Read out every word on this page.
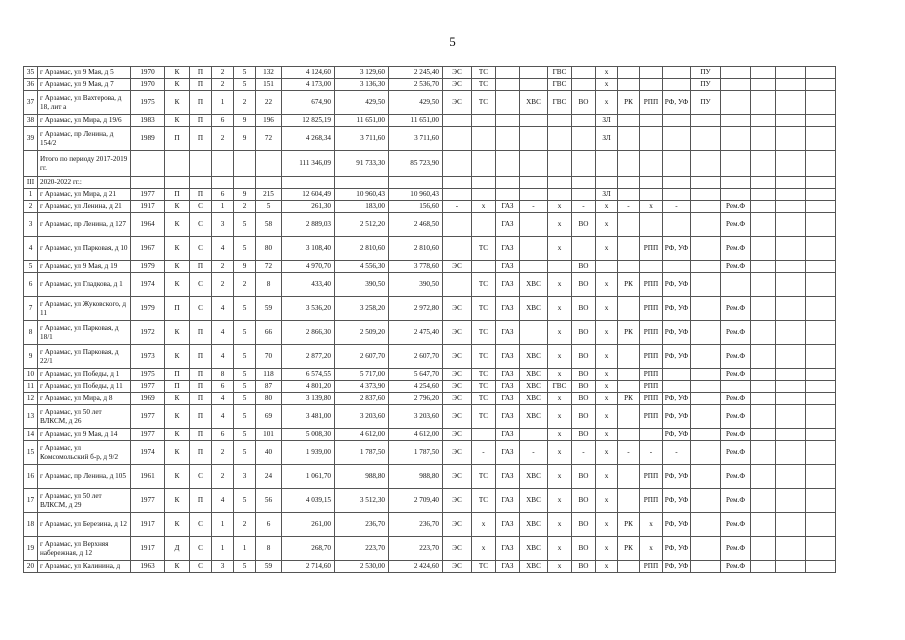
5
35	г Арзамас, ул 9 Мая, д 5	1970	К	П	2	5	132	4 124,60	3 129,60	2 245,40	ЭС	ТС			ГВС		х				ПУ				
36	г Арзамас, ул 9 Мая, д 7	1970	К	П	2	5	151	4 173,00	3 136,30	2 536,70	ЭС	ТС			ГВС		х				ПУ				
37	г Арзамас, ул Вахтерова, д 18, лит а	1975	К	П	1	2	22	674,90	429,50	429,50	ЭС	ТС		ХВС	ГВС	ВО	х	РК	РПП	РФ, УФ	ПУ				
38	г Арзамас, ул Мира, д 19/6	1983	К	П	6	9	196	12 825,19	11 651,00	11 651,00							ЗЛ								
39	г Арзамас, пр Ленина, д 154/2	1989	П	П	2	9	72	4 268,34	3 711,60	3 711,60							ЗЛ								
	Итого по периоду 2017-2019 гг.							111 346,09	91 733,30	85 723,90															
III	2020-2022 гг.:																								
1	г Арзамас, ул Мира, д 21	1977	П	П	6	9	215	12 604,49	10 960,43	10 960,43							ЗЛ								
2	г Арзамас, ул Ленина, д 21	1917	К	С	1	2	5	261,30	183,00	156,60	-	х	ГАЗ	-	х	-	х	-	х	-		Рем.Ф			
3	г Арзамас, пр Ленина, д 127	1964	К	С	3	5	58	2 889,03	2 512,20	2 468,50			ГАЗ		х	ВО	х					Рем.Ф			
4	г Арзамас, ул Парковая, д 10	1967	К	С	4	5	80	3 108,40	2 810,60	2 810,60		ТС	ГАЗ		х		х		РПП	РФ, УФ		Рем.Ф			
5	г Арзамас, ул 9 Мая, д 19	1979	К	П	2	9	72	4 970,70	4 556,30	3 778,60	ЭС		ГАЗ			ВО						Рем.Ф			
6	г Арзамас, ул Гладкова, д 1	1974	К	С	2	2	8	433,40	390,50	390,50		ТС	ГАЗ	ХВС	х	ВО	х	РК	РПП	РФ, УФ					
7	г Арзамас, ул Жуковского, д 11	1979	П	С	4	5	59	3 536,20	3 258,20	2 972,80	ЭС	ТС	ГАЗ	ХВС	х	ВО	х		РПП	РФ, УФ		Рем.Ф			
8	г Арзамас, ул Парковая, д 18/1	1972	К	П	4	5	66	2 866,30	2 509,20	2 475,40	ЭС	ТС	ГАЗ		х	ВО	х	РК	РПП	РФ, УФ		Рем.Ф			
9	г Арзамас, ул Парковая, д 22/1	1973	К	П	4	5	70	2 877,20	2 607,70	2 607,70	ЭС	ТС	ГАЗ	ХВС	х	ВО	х		РПП	РФ, УФ		Рем.Ф			
10	г Арзамас, ул Победы, д 1	1975	П	П	8	5	118	6 574,55	5 717,00	5 647,70	ЭС	ТС	ГАЗ	ХВС	х	ВО	х		РПП			Рем.Ф			
11	г Арзамас, ул Победы, д 11	1977	П	П	6	5	87	4 801,20	4 373,90	4 254,60	ЭС	ТС	ГАЗ	ХВС	ГВС	ВО	х		РПП						
12	г Арзамас, ул Мира, д 8	1969	К	П	4	5	80	3 139,80	2 837,60	2 796,20	ЭС	ТС	ГАЗ	ХВС	х	ВО	х	РК	РПП	РФ, УФ		Рем.Ф			
13	г Арзамас, ул 50 лет ВЛКСМ, д 26	1977	К	П	4	5	69	3 481,00	3 203,60	3 203,60	ЭС	ТС	ГАЗ	ХВС	х	ВО	х		РПП	РФ, УФ		Рем.Ф			
14	г Арзамас, ул 9 Мая, д 14	1977	К	П	6	5	101	5 008,30	4 612,00	4 612,00	ЭС		ГАЗ		х	ВО	х			РФ, УФ		Рем.Ф			
15	г Арзамас, ул Комсомольский б-р, д 9/2	1974	К	П	2	5	40	1 939,00	1 787,50	1 787,50	ЭС	-	ГАЗ	-	х	-	х	-	-	-		Рем.Ф			
16	г Арзамас, пр Ленина, д 105	1961	К	С	2	3	24	1 061,70	988,80	988,80	ЭС	ТС	ГАЗ	ХВС	х	ВО	х		РПП	РФ, УФ		Рем.Ф			
17	г Арзамас, ул 50 лет ВЛКСМ, д 29	1977	К	П	4	5	56	4 039,15	3 512,30	2 709,40	ЭС	ТС	ГАЗ	ХВС	х	ВО	х		РПП	РФ, УФ		Рем.Ф			
18	г Арзамас, ул Березина, д 12	1917	К	С	1	2	6	261,00	236,70	236,70	ЭС	х	ГАЗ	ХВС	х	ВО	х	РК	х	РФ, УФ		Рем.Ф			
19	г Арзамас, ул Верхняя набережная, д 12	1917	Д	С	1	1	8	268,70	223,70	223,70	ЭС	х	ГАЗ	ХВС	х	ВО	х	РК	х	РФ, УФ		Рем.Ф			
20	г Арзамас, ул Калинина, д	1963	К	С	3	5	59	2 714,60	2 530,00	2 424,60	ЭС	ТС	ГАЗ	ХВС	х	ВО	х		РПП	РФ, УФ		Рем.Ф			
